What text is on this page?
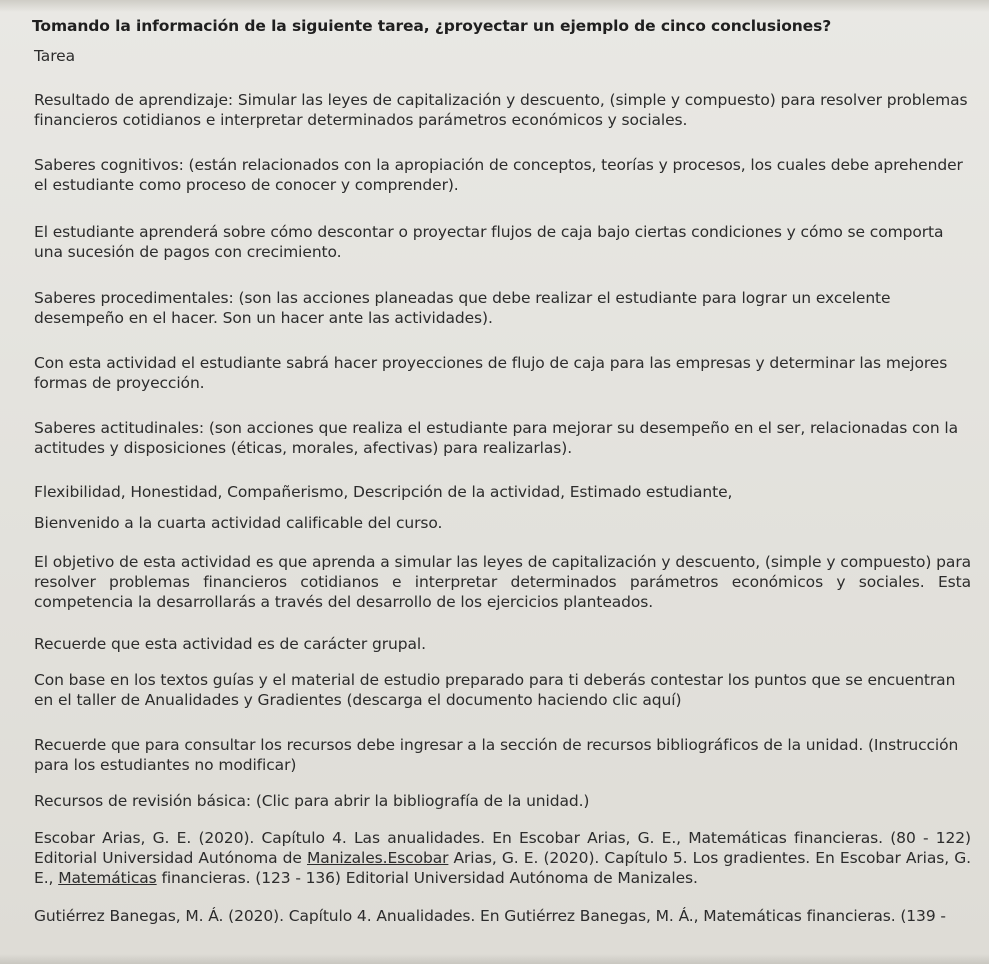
Tomando la información de la siguiente tarea, ¿proyectar un ejemplo de cinco conclusiones?

Tarea

Resultado de aprendizaje: Simular las leyes de capitalización y descuento, (simple y compuesto) para resolver problemas financieros cotidianos e interpretar determinados parámetros económicos y sociales.

Saberes cognitivos: (están relacionados con la apropiación de conceptos, teorías y procesos, los cuales debe aprehender el estudiante como proceso de conocer y comprender).

El estudiante aprenderá sobre cómo descontar o proyectar flujos de caja bajo ciertas condiciones y cómo se comporta una sucesión de pagos con crecimiento.

Saberes procedimentales: (son las acciones planeadas que debe realizar el estudiante para lograr un excelente desempeño en el hacer. Son un hacer ante las actividades).

Con esta actividad el estudiante sabrá hacer proyecciones de flujo de caja para las empresas y determinar las mejores formas de proyección.

Saberes actitudinales: (son acciones que realiza el estudiante para mejorar su desempeño en el ser, relacionadas con la actitudes y disposiciones (éticas, morales, afectivas) para realizarlas).

Flexibilidad, Honestidad, Compañerismo, Descripción de la actividad, Estimado estudiante,

Bienvenido a la cuarta actividad calificable del curso.

El objetivo de esta actividad es que aprenda a simular las leyes de capitalización y descuento, (simple y compuesto) para resolver problemas financieros cotidianos e interpretar determinados parámetros económicos y sociales. Esta competencia la desarrollarás a través del desarrollo de los ejercicios planteados.

Recuerde que esta actividad es de carácter grupal.

Con base en los textos guías y el material de estudio preparado para ti deberás contestar los puntos que se encuentran en el taller de Anualidades y Gradientes (descarga el documento haciendo clic aquí)

Recuerde que para consultar los recursos debe ingresar a la sección de recursos bibliográficos de la unidad. (Instrucción para los estudiantes no modificar)

Recursos de revisión básica: (Clic para abrir la bibliografía de la unidad.)

Escobar Arias, G. E. (2020). Capítulo 4. Las anualidades. En Escobar Arias, G. E., Matemáticas financieras. (80 - 122) Editorial Universidad Autónoma de Manizales.Escobar Arias, G. E. (2020). Capítulo 5. Los gradientes. En Escobar Arias, G. E., Matemáticas financieras. (123 - 136) Editorial Universidad Autónoma de Manizales.

Gutiérrez Banegas, M. Á. (2020). Capítulo 4. Anualidades. En Gutiérrez Banegas, M. Á., Matemáticas financieras. (139 -
